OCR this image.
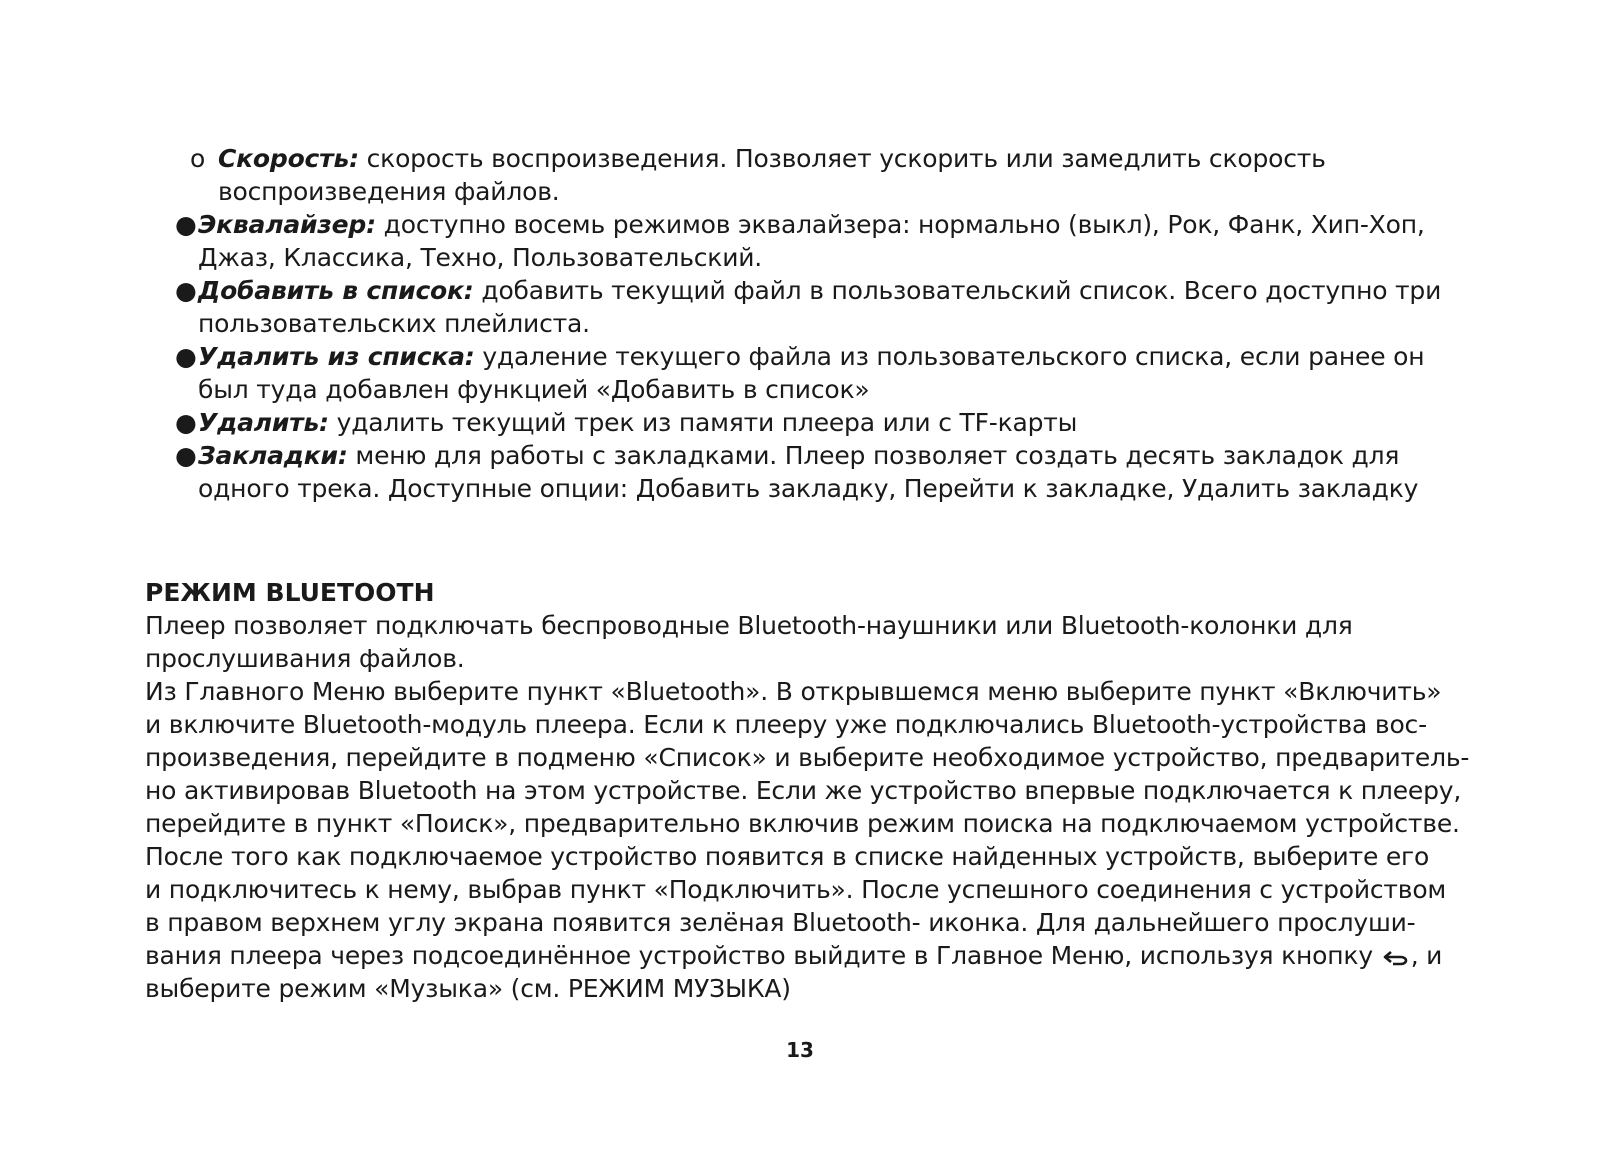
o Скорость: скорость воспроизведения. Позволяет ускорить или замедлить скорость
воспроизведения файлов.
● Эквалайзер: доступно восемь режимов эквалайзера: нормально (выкл), Рок, Фанк, Хип-Хоп,
Джаз, Классика, Техно, Пользовательский.
● Добавить в список: добавить текущий файл в пользовательский список. Всего доступно три
пользовательских плейлиста.
● Удалить из списка: удаление текущего файла из пользовательского списка, если ранее он
был туда добавлен функцией «Добавить в список»
● Удалить: удалить текущий трек из памяти плеера или с TF-карты
● Закладки: меню для работы с закладками. Плеер позволяет создать десять закладок для
одного трека. Доступные опции: Добавить закладку, Перейти к закладке, Удалить закладку
РЕЖИМ BLUETOOTH
Плеер позволяет подключать беспроводные Bluetooth-наушники или Bluetooth-колонки для
прослушивания файлов.
Из Главного Меню выберите пункт «Bluetooth». В открывшемся меню выберите пункт «Включить»
и включите Bluetooth-модуль плеера. Если к плееру уже подключались Bluetooth-устройства вос-
произведения, перейдите в подменю «Список» и выберите необходимое устройство, предваритель-
но активировав Bluetooth на этом устройстве. Если же устройство впервые подключается к плееру,
перейдите в пункт «Поиск», предварительно включив режим поиска на подключаемом устройстве.
После того как подключаемое устройство появится в списке найденных устройств, выберите его
и подключитесь к нему, выбрав пункт «Подключить». После успешного соединения с устройством
в правом верхнем углу экрана появится зелёная Bluetooth- иконка. Для дальнейшего прослуши-
вания плеера через подсоединённое устройство выйдите в Главное Меню, используя кнопку , и
выберите режим «Музыка» (см. РЕЖИМ МУЗЫКА)
13
